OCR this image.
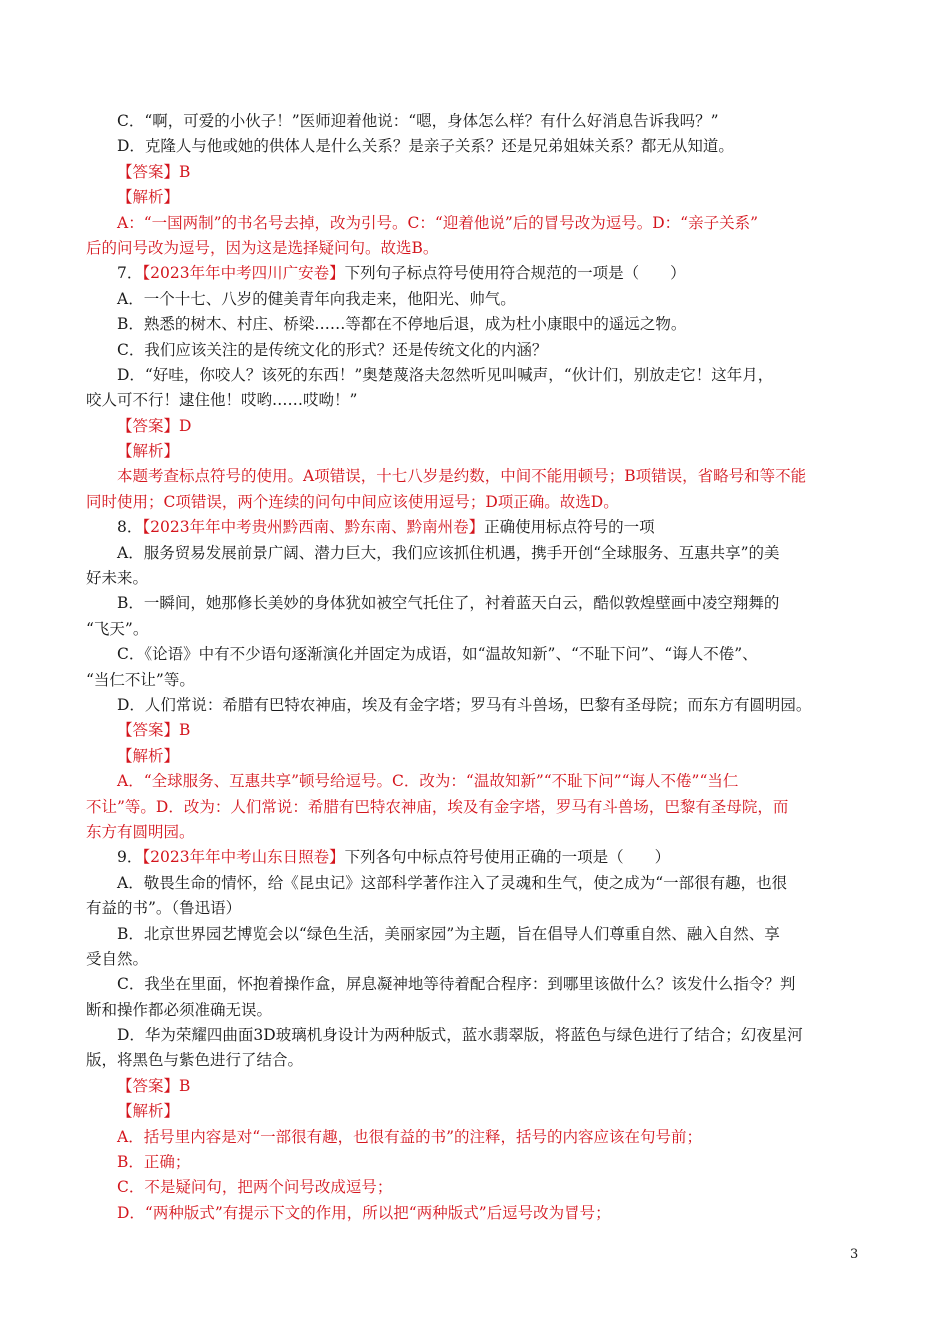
C．“啊，可爱的小伙子！”医师迎着他说：“嗯，身体怎么样？有什么好消息告诉我吗？”
D．克隆人与他或她的供体人是什么关系？是亲子关系？还是兄弟姐妹关系？都无从知道。
【答案】B
【解析】
A：“一国两制”的书名号去掉，改为引号。C：“迎着他说”后的冒号改为逗号。D：“亲子关系”
后的问号改为逗号，因为这是选择疑问句。故选B。
7．【2023年年中考四川广安卷】下列句子标点符号使用符合规范的一项是（　　）
A．一个十七、八岁的健美青年向我走来，他阳光、帅气。
B．熟悉的树木、村庄、桥梁……等都在不停地后退，成为杜小康眼中的遥远之物。
C．我们应该关注的是传统文化的形式？还是传统文化的内涵？
D．“好哇，你咬人？该死的东西！”奥楚蔑洛夫忽然听见叫喊声，“伙计们，别放走它！这年月，
咬人可不行！逮住他！哎哟……哎呦！”
【答案】D
【解析】
本题考查标点符号的使用。A项错误，十七八岁是约数，中间不能用顿号；B项错误，省略号和等不能
同时使用；C项错误，两个连续的问句中间应该使用逗号；D项正确。故选D。
8．【2023年年中考贵州黔西南、黔东南、黔南州卷】正确使用标点符号的一项
A．服务贸易发展前景广阔、潜力巨大，我们应该抓住机遇，携手开创“全球服务、互惠共享”的美
好未来。
B．一瞬间，她那修长美妙的身体犹如被空气托住了，衬着蓝天白云，酷似敦煌壁画中凌空翔舞的
“飞天”。
C．《论语》中有不少语句逐渐演化并固定为成语，如“温故知新”、“不耻下问”、“诲人不倦”、
“当仁不让”等。
D．人们常说：希腊有巴特农神庙，埃及有金字塔；罗马有斗兽场，巴黎有圣母院；而东方有圆明园。
【答案】B
【解析】
A．“全球服务、互惠共享”顿号给逗号。C．改为：“温故知新”“不耻下问”“诲人不倦”“当仁
不让”等。D．改为：人们常说：希腊有巴特农神庙，埃及有金字塔，罗马有斗兽场，巴黎有圣母院，而
东方有圆明园。
9．【2023年年中考山东日照卷】下列各句中标点符号使用正确的一项是（　　）
A．敬畏生命的情怀，给《昆虫记》这部科学著作注入了灵魂和生气，使之成为“一部很有趣，也很
有益的书”。（鲁迅语）
B．北京世界园艺博览会以“绿色生活，美丽家园”为主题，旨在倡导人们尊重自然、融入自然、享
受自然。
C．我坐在里面，怀抱着操作盒，屏息凝神地等待着配合程序：到哪里该做什么？该发什么指令？判
断和操作都必须准确无误。
D．华为荣耀四曲面3D玻璃机身设计为两种版式，蓝水翡翠版，将蓝色与绿色进行了结合；幻夜星河
版，将黑色与紫色进行了结合。
【答案】B
【解析】
A．括号里内容是对“一部很有趣，也很有益的书”的注释，括号的内容应该在句号前；
B．正确；
C．不是疑问句，把两个问号改成逗号；
D．“两种版式”有提示下文的作用，所以把“两种版式”后逗号改为冒号；
3
